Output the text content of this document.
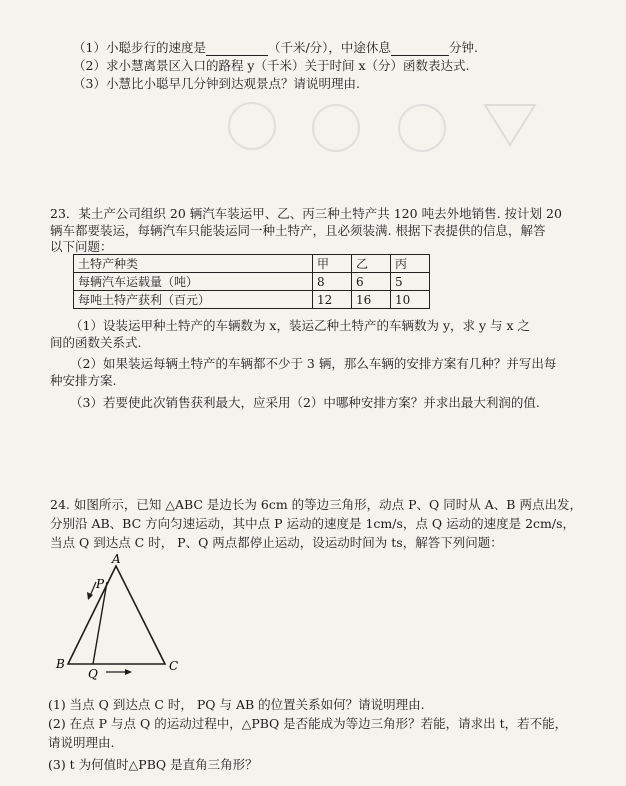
（1）小聪步行的速度是	（千米/分），中途休息	分钟.
（2）求小慧离景区入口的路程 y（千米）关于时间 x（分）函数表达式.
（3）小慧比小聪早几分钟到达观景点？请说明理由.
23．某土产公司组织 20 辆汽车装运甲、乙、丙三种土特产共 120 吨去外地销售. 按计划 20
辆车都要装运，每辆汽车只能装运同一种土特产，且必须装满. 根据下表提供的信息，解答
以下问题：
土特产种类	甲	乙	丙
每辆汽车运载量（吨）	8	6	5
每吨土特产获利（百元）	12	16	10
（1）设装运甲种土特产的车辆数为 x，装运乙种土特产的车辆数为 y，求 y 与 x 之
间的函数关系式.
（2）如果装运每辆土特产的车辆都不少于 3 辆，那么车辆的安排方案有几种？并写出每
种安排方案.
（3）若要使此次销售获利最大，应采用（2）中哪种安排方案？并求出最大利润的值.
24. 如图所示，已知 △ABC 是边长为 6cm 的等边三角形，动点 P、Q 同时从 A、B 两点出发，
分别沿 AB、BC 方向匀速运动，其中点 P 运动的速度是 1cm/s，点 Q 运动的速度是 2cm/s，
当点 Q 到达点 C 时， P、Q 两点都停止运动，设运动时间为 ts，解答下列问题：
A
P
B
Q
C
(1) 当点 Q 到达点 C 时， PQ 与 AB 的位置关系如何？请说明理由.
(2) 在点 P 与点 Q 的运动过程中，△PBQ 是否能成为等边三角形？若能，请求出 t，若不能，
请说明理由.
(3) t 为何值时△PBQ 是直角三角形？
